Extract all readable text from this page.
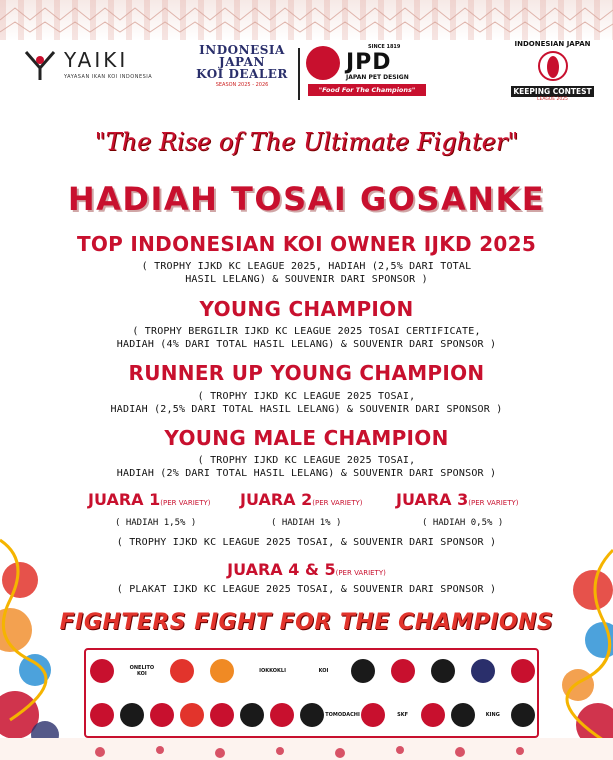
YAIKI
YAYASAN IKAN KOI INDONESIA
INDONESIA
JAPAN
KOI DEALER
SEASON 2025 - 2026
SINCE 1819
JPD
JAPAN PET DESIGN
"Food For The Champions"
INDONESIAN JAPAN
KEEPING CONTEST
LEAGUE 2025
"The Rise of The Ultimate Fighter"
HADIAH TOSAI GOSANKE
TOP INDONESIAN KOI OWNER IJKD 2025
( TROPHY IJKD KC LEAGUE 2025, HADIAH (2,5% DARI TOTAL
HASIL LELANG) & SOUVENIR DARI SPONSOR )
YOUNG CHAMPION
( TROPHY BERGILIR IJKD KC LEAGUE 2025 TOSAI CERTIFICATE,
HADIAH (4% DARI TOTAL HASIL LELANG) & SOUVENIR DARI SPONSOR )
RUNNER UP YOUNG CHAMPION
( TROPHY IJKD KC LEAGUE 2025 TOSAI,
HADIAH (2,5% DARI TOTAL HASIL LELANG) & SOUVENIR DARI SPONSOR )
YOUNG MALE CHAMPION
( TROPHY IJKD KC LEAGUE 2025 TOSAI,
HADIAH (2% DARI TOTAL HASIL LELANG) & SOUVENIR DARI SPONSOR )
JUARA 1(PER VARIETY) JUARA 2(PER VARIETY) JUARA 3(PER VARIETY)
( HADIAH 1,5% )	( HADIAH 1% )	( HADIAH 0,5% )
( TROPHY IJKD KC LEAGUE 2025 TOSAI, & SOUVENIR DARI SPONSOR )
JUARA 4 & 5(PER VARIETY)
( PLAKAT IJKD KC LEAGUE 2025 TOSAI, & SOUVENIR DARI SPONSOR )
FIGHTERS FIGHT FOR THE CHAMPIONS
ONELITO KOI	IOKKOKLI	KOI
TOMODACHI	SKF	KING
